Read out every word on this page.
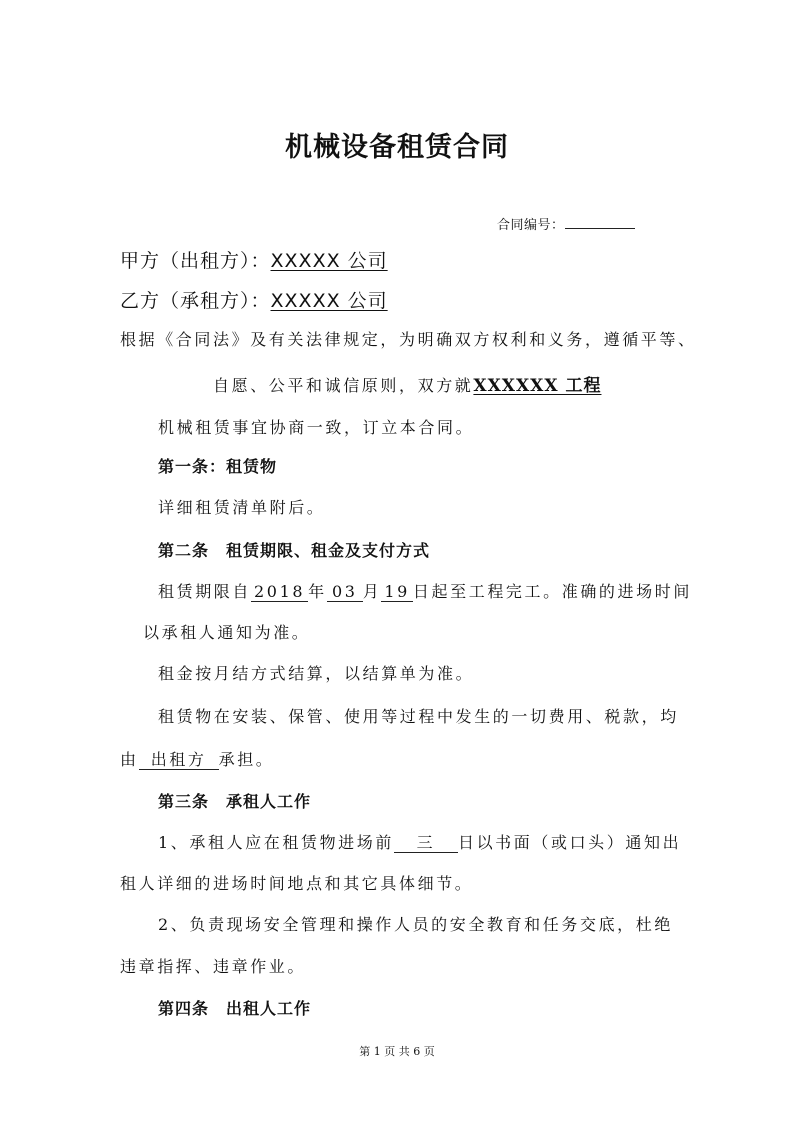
机械设备租赁合同
合同编号：
甲方（出租方）：XXXXX 公司
乙方（承租方）：XXXXX 公司
根据《合同法》及有关法律规定，为明确双方权利和义务，遵循平等、
自愿、公平和诚信原则，双方就XXXXXX 工程
机械租赁事宜协商一致，订立本合同。
第一条：租赁物
详细租赁清单附后。
第二条　租赁期限、租金及支付方式
租赁期限自 2018 年 03 月 19 日起至工程完工。准确的进场时间
以承租人通知为准。
租金按月结方式结算，以结算单为准。
租赁物在安装、保管、使用等过程中发生的一切费用、税款，均
由 出租方 承担。
第三条　承租人工作
1、承租人应在租赁物进场前 三 日以书面（或口头）通知出
租人详细的进场时间地点和其它具体细节。
2、负责现场安全管理和操作人员的安全教育和任务交底，杜绝
违章指挥、违章作业。
第四条　出租人工作
第 1 页 共 6 页
